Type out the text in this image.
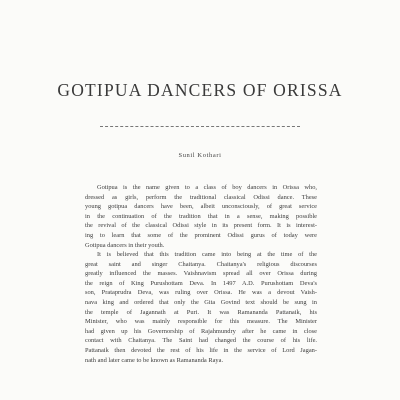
GOTIPUA DANCERS OF ORISSA
Sunil Kothari
Gotipua is the name given to a class of boy dancers in Orissa who,
dressed as girls, perform the traditional classical Odissi dance. These
young gotipua dancers have been, albeit unconsciously, of great service
in the continuation of the tradition that in a sense, making possible
the revival of the classical Odissi style in its present form. It is interest-
ing to learn that some of the prominent Odissi gurus of today were
Gotipua dancers in their youth.
It is believed that this tradition came into being at the time of the
great saint and singer Chaitanya. Chaitanya's religious discourses
greatly influenced the masses. Vaishnavism spread all over Orissa during
the reign of King Purushottam Deva. In 1497 A.D. Purushottam Deva's
son, Prataprudra Deva, was ruling over Orissa. He was a devout Vaish-
nava king and ordered that only the Gita Govind text should be sung in
the temple of Jagannath at Puri. It was Ramananda Pattanaik, his
Minister, who was mainly responsible for this measure. The Minister
had given up his Governorship of Rajahmundry after he came in close
contact with Chaitanya. The Saint had changed the course of his life.
Pattanaik then devoted the rest of his life in the service of Lord Jagan-
nath and later came to be known as Ramananda Raya.
